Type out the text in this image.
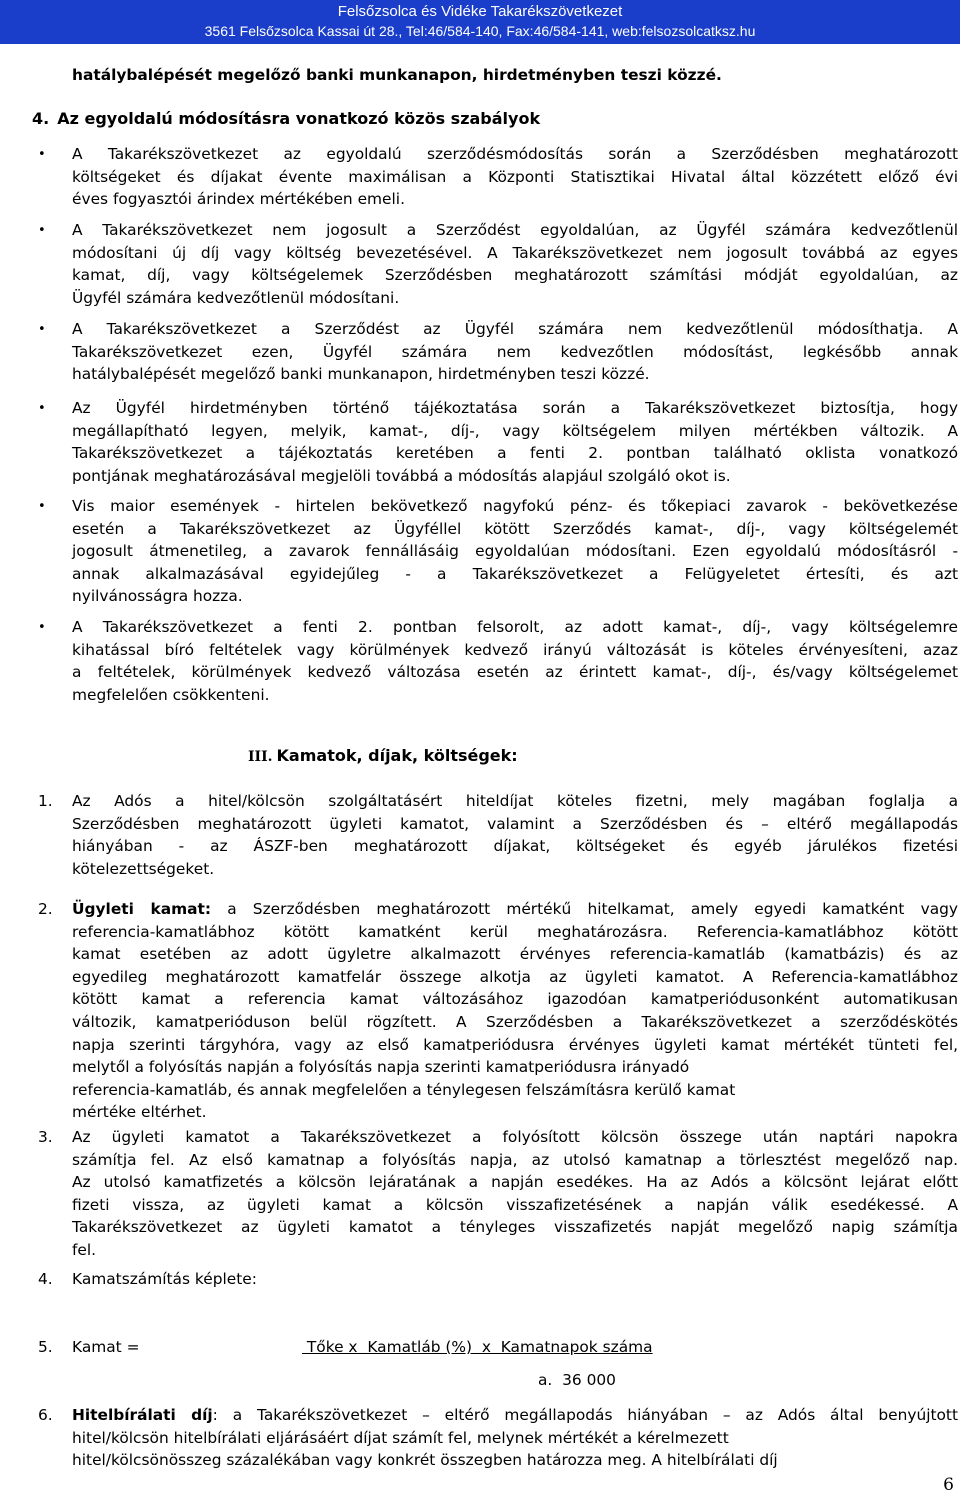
Felsőzsolca és Vidéke Takarékszövetkezet
3561 Felsőzsolca Kassai út 28., Tel:46/584-140, Fax:46/584-141, web:felsozsolcatksz.hu
hatálybalépését megelőző banki munkanapon, hirdetményben teszi közzé.
4. Az egyoldalú módosításra vonatkozó közös szabályok
• A Takarékszövetkezet az egyoldalú szerződésmódosítás során a Szerződésben meghatározott
költségeket és díjakat évente maximálisan a Központi Statisztikai Hivatal által közzétett előző évi
éves fogyasztói árindex mértékében emeli.
• A Takarékszövetkezet nem jogosult a Szerződést egyoldalúan, az Ügyfél számára kedvezőtlenül
módosítani új díj vagy költség bevezetésével. A Takarékszövetkezet nem jogosult továbbá az egyes
kamat, díj, vagy költségelemek Szerződésben meghatározott számítási módját egyoldalúan, az
Ügyfél számára kedvezőtlenül módosítani.
• A Takarékszövetkezet a Szerződést az Ügyfél számára nem kedvezőtlenül módosíthatja. A
Takarékszövetkezet ezen, Ügyfél számára nem kedvezőtlen módosítást, legkésőbb annak
hatálybalépését megelőző banki munkanapon, hirdetményben teszi közzé.
• Az Ügyfél hirdetményben történő tájékoztatása során a Takarékszövetkezet biztosítja, hogy
megállapítható legyen, melyik, kamat-, díj-, vagy költségelem milyen mértékben változik. A
Takarékszövetkezet a tájékoztatás keretében a fenti 2. pontban található oklista vonatkozó
pontjának meghatározásával megjelöli továbbá a módosítás alapjául szolgáló okot is.
• Vis maior események - hirtelen bekövetkező nagyfokú pénz- és tőkepiaci zavarok - bekövetkezése
esetén a Takarékszövetkezet az Ügyféllel kötött Szerződés kamat-, díj-, vagy költségelemét
jogosult átmenetileg, a zavarok fennállásáig egyoldalúan módosítani. Ezen egyoldalú módosításról -
annak alkalmazásával egyidejűleg - a Takarékszövetkezet a Felügyeletet értesíti, és azt
nyilvánosságra hozza.
• A Takarékszövetkezet a fenti 2. pontban felsorolt, az adott kamat-, díj-, vagy költségelemre
kihatással bíró feltételek vagy körülmények kedvező irányú változását is köteles érvényesíteni, azaz
a feltételek, körülmények kedvező változása esetén az érintett kamat-, díj-, és/vagy költségelemet
megfelelően csökkenteni.
III. Kamatok, díjak, költségek:
1. Az Adós a hitel/kölcsön szolgáltatásért hiteldíjat köteles fizetni, mely magában foglalja a
Szerződésben meghatározott ügyleti kamatot, valamint a Szerződésben és – eltérő megállapodás
hiányában - az ÁSZF-ben meghatározott díjakat, költségeket és egyéb járulékos fizetési
kötelezettségeket.
2. Ügyleti kamat: a Szerződésben meghatározott mértékű hitelkamat, amely egyedi kamatként vagy
referencia-kamatlábhoz kötött kamatként kerül meghatározásra. Referencia-kamatlábhoz kötött
kamat esetében az adott ügyletre alkalmazott érvényes referencia-kamatláb (kamatbázis) és az
egyedileg meghatározott kamatfelár összege alkotja az ügyleti kamatot. A Referencia-kamatlábhoz
kötött kamat a referencia kamat változásához igazodóan kamatperiódusonként automatikusan
változik, kamatperióduson belül rögzített. A Szerződésben a Takarékszövetkezet a szerződéskötés
napja szerinti tárgyhóra, vagy az első kamatperiódusra érvényes ügyleti kamat mértékét tünteti fel,
melytől a folyósítás napján a folyósítás napja szerinti kamatperiódusra irányadó
referencia-kamatláb, és annak megfelelően a ténylegesen felszámításra kerülő kamat
mértéke eltérhet.
3. Az ügyleti kamatot a Takarékszövetkezet a folyósított kölcsön összege után naptári napokra
számítja fel. Az első kamatnap a folyósítás napja, az utolsó kamatnap a törlesztést megelőző nap.
Az utolsó kamatfizetés a kölcsön lejáratának a napján esedékes. Ha az Adós a kölcsönt lejárat előtt
fizeti vissza, az ügyleti kamat a kölcsön visszafizetésének a napján válik esedékessé. A
Takarékszövetkezet az ügyleti kamatot a tényleges visszafizetés napját megelőző napig számítja
fel.
4. Kamatszámítás képlete:
5. Kamat =	Tőke x  Kamatláb (%)  x  Kamatnapok száma
a.  36 000
6. Hitelbírálati díj: a Takarékszövetkezet – eltérő megállapodás hiányában – az Adós által benyújtott
hitel/kölcsön hitelbírálati eljárásáért díjat számít fel, melynek mértékét a kérelmezett
hitel/kölcsönösszeg százalékában vagy konkrét összegben határozza meg. A hitelbírálati díj
6
